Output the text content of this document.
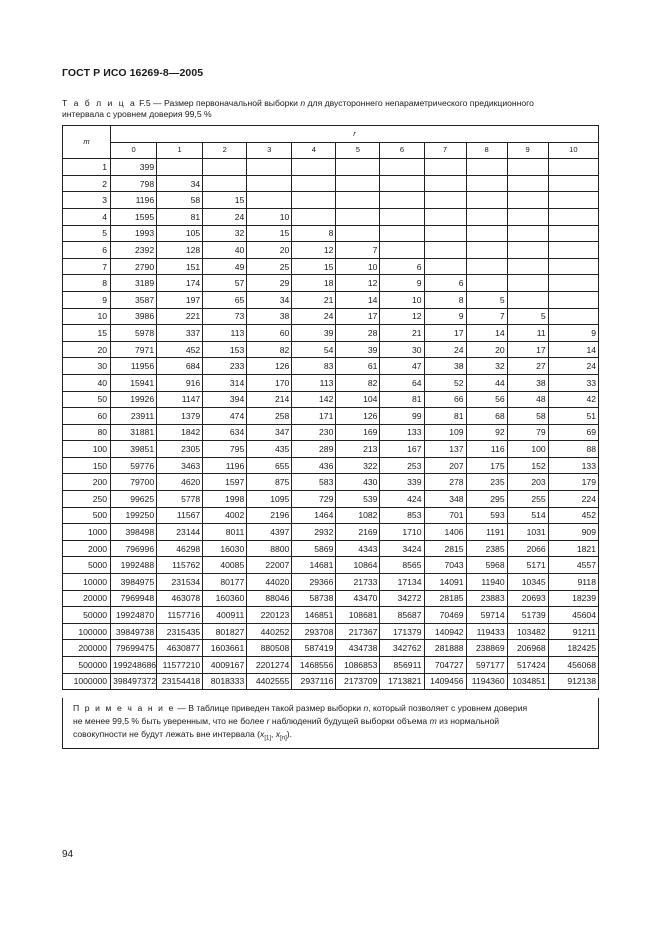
ГОСТ Р ИСО 16269-8—2005
Т а б л и ц а F.5 — Размер первоначальной выборки n для двустороннего непараметрического предикционного
интервала с уровнем доверия 99,5 %
m	r										
	0	1	2	3	4	5	6	7	8	9	10
1	399										
2	798	34									
3	1196	58	15								
4	1595	81	24	10							
5	1993	105	32	15	8						
6	2392	128	40	20	12	7					
7	2790	151	49	25	15	10	6				
8	3189	174	57	29	18	12	9	6			
9	3587	197	65	34	21	14	10	8	5		
10	3986	221	73	38	24	17	12	9	7	5	
15	5978	337	113	60	39	28	21	17	14	11	9
20	7971	452	153	82	54	39	30	24	20	17	14
30	11956	684	233	126	83	61	47	38	32	27	24
40	15941	916	314	170	113	82	64	52	44	38	33
50	19926	1147	394	214	142	104	81	66	56	48	42
60	23911	1379	474	258	171	126	99	81	68	58	51
80	31881	1842	634	347	230	169	133	109	92	79	69
100	39851	2305	795	435	289	213	167	137	116	100	88
150	59776	3463	1196	655	436	322	253	207	175	152	133
200	79700	4620	1597	875	583	430	339	278	235	203	179
250	99625	5778	1998	1095	729	539	424	348	295	255	224
500	199250	11567	4002	2196	1464	1082	853	701	593	514	452
1000	398498	23144	8011	4397	2932	2169	1710	1406	1191	1031	909
2000	796996	46298	16030	8800	5869	4343	3424	2815	2385	2066	1821
5000	1992488	115762	40085	22007	14681	10864	8565	7043	5968	5171	4557
10000	3984975	231534	80177	44020	29366	21733	17134	14091	11940	10345	9118
20000	7969948	463078	160360	88046	58738	43470	34272	28185	23883	20693	18239
50000	19924870	1157716	400911	220123	146851	108681	85687	70469	59714	51739	45604
100000	39849738	2315435	801827	440252	293708	217367	171379	140942	119433	103482	91211
200000	79699475	4630877	1603661	880508	587419	434738	342762	281888	238869	206968	182425
500000	199248686	11577210	4009167	2201274	1468556	1086853	856911	704727	597177	517424	456068
1000000	398497372	23154418	8018333	4402555	2937116	2173709	1713821	1409456	1194360	1034851	912138
П р и м е ч а н и е — В таблице приведен такой размер выборки n, который позволяет с уровнем доверия
не менее 99,5 % быть уверенным, что не более r наблюдений будущей выборки объема m из нормальной
совокупности не будут лежать вне интервала ($x_{[1]}$, $x_{[n]}$).
94
